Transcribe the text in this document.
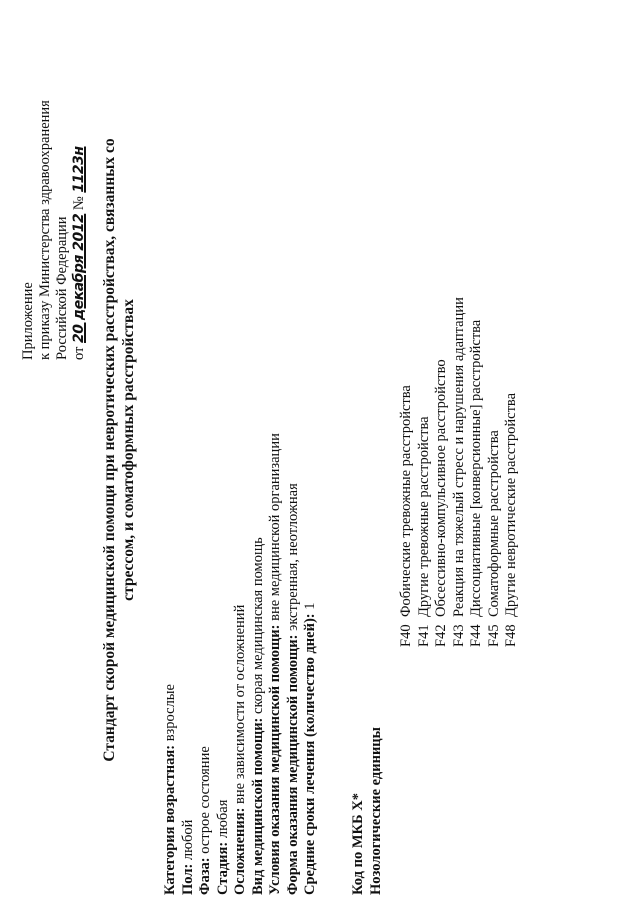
Приложение к приказу Министерства здравоохранения Российской Федерации от 20 декабря 2012 № 1123н Стандарт скорой медицинской помощи при невротических расстройствах, связанных со стрессом, и соматоформных расстройствах
Категория возрастная: взрослые
Пол: любой
Фаза: острое состояние
Стадия: любая Осложнения: вне зависимости от осложнений Вид медицинской помощи: скорая медицинская помощь Условия оказания медицинской помощи: вне медицинской организации
Форма оказания медицинской помощи: экстренная, неотложная
Средние сроки лечения (количество дней): 1
Код по МКБ X* Нозологические единицы
F40Фобические тревожные расстройства
F41Другие тревожные расстройства
F42Обсессивно-компульсивное расстройство
F43Реакция на тяжелый стресс и нарушения адаптации
F44Диссоциативные [конверсионные] расстройства
F45Соматоформные расстройства
F48Другие невротические расстройства
